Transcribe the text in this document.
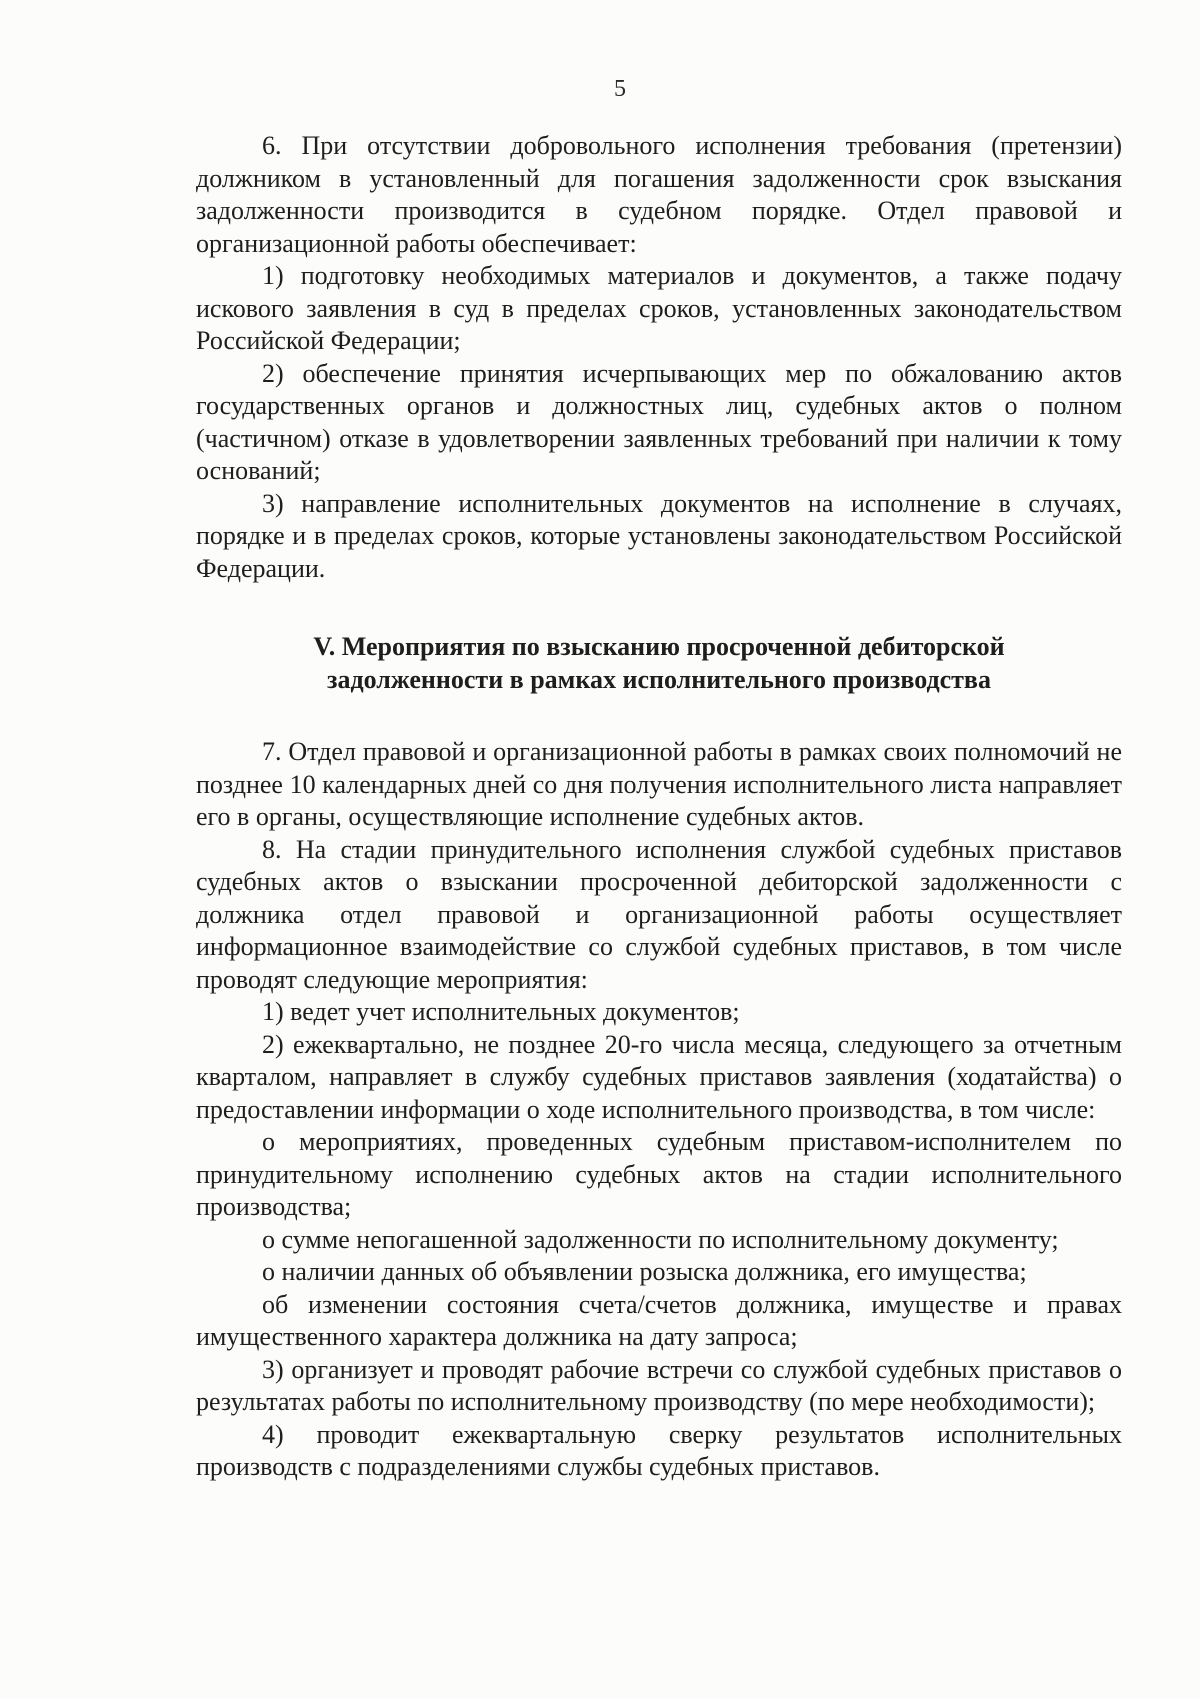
5

6. При отсутствии добровольного исполнения требования (претензии) должником в установленный для погашения задолженности срок взыскания задолженности производится в судебном порядке. Отдел правовой и организационной работы обеспечивает:

1) подготовку необходимых материалов и документов, а также подачу искового заявления в суд в пределах сроков, установленных законодательством Российской Федерации;

2) обеспечение принятия исчерпывающих мер по обжалованию актов государственных органов и должностных лиц, судебных актов о полном (частичном) отказе в удовлетворении заявленных требований при наличии к тому оснований;

3) направление исполнительных документов на исполнение в случаях, порядке и в пределах сроков, которые установлены законодательством Российской Федерации.

V. Мероприятия по взысканию просроченной дебиторской
задолженности в рамках исполнительного производства

7. Отдел правовой и организационной работы в рамках своих полномочий не позднее 10 календарных дней со дня получения исполнительного листа направляет его в органы, осуществляющие исполнение судебных актов.

8. На стадии принудительного исполнения службой судебных приставов судебных актов о взыскании просроченной дебиторской задолженности с должника отдел правовой и организационной работы осуществляет информационное взаимодействие со службой судебных приставов, в том числе проводят следующие мероприятия:

1) ведет учет исполнительных документов;

2) ежеквартально, не позднее 20-го числа месяца, следующего за отчетным кварталом, направляет в службу судебных приставов заявления (ходатайства) о предоставлении информации о ходе исполнительного производства, в том числе:

о мероприятиях, проведенных судебным приставом-исполнителем по принудительному исполнению судебных актов на стадии исполнительного производства;

о сумме непогашенной задолженности по исполнительному документу;

о наличии данных об объявлении розыска должника, его имущества;

об изменении состояния счета/счетов должника, имуществе и правах имущественного характера должника на дату запроса;

3) организует и проводят рабочие встречи со службой судебных приставов о результатах работы по исполнительному производству (по мере необходимости);

4) проводит ежеквартальную сверку результатов исполнительных производств с подразделениями службы судебных приставов.
